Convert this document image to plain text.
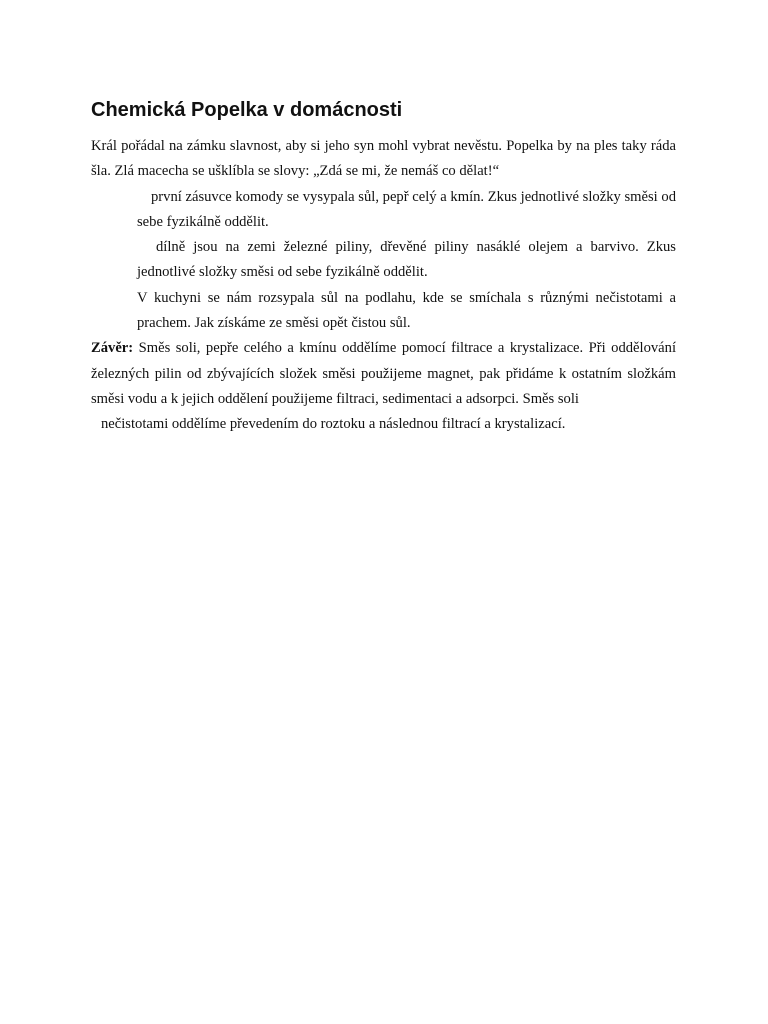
Chemická Popelka v domácnosti

Král pořádal na zámku slavnost, aby si jeho syn mohl vybrat nevěstu. Popelka by na ples taky ráda šla. Zlá macecha se ušklíbla se slovy: „Zdá se mi, že nemáš co dělat!“

první zásuvce komody se vysypala sůl, pepř celý a kmín. Zkus jednotlivé složky směsi od sebe fyzikálně oddělit.

dílně jsou na zemi železné piliny, dřevěné piliny nasáklé olejem a barvivo. Zkus jednotlivé složky směsi od sebe fyzikálně oddělit.

V kuchyni se nám rozsypala sůl na podlahu, kde se smíchala s různými nečistotami a prachem. Jak získáme ze směsi opět čistou sůl.

Závěr: Směs soli, pepře celého a kmínu oddělíme pomocí filtrace a krystalizace. Při oddělování železných pilin od zbývajících složek směsi použijeme magnet, pak přidáme k ostatním složkám směsi vodu a k jejich oddělení použijeme filtraci, sedimentaci a adsorpci. Směs soli

nečistotami oddělíme převedením do roztoku a následnou filtrací a krystalizací.
